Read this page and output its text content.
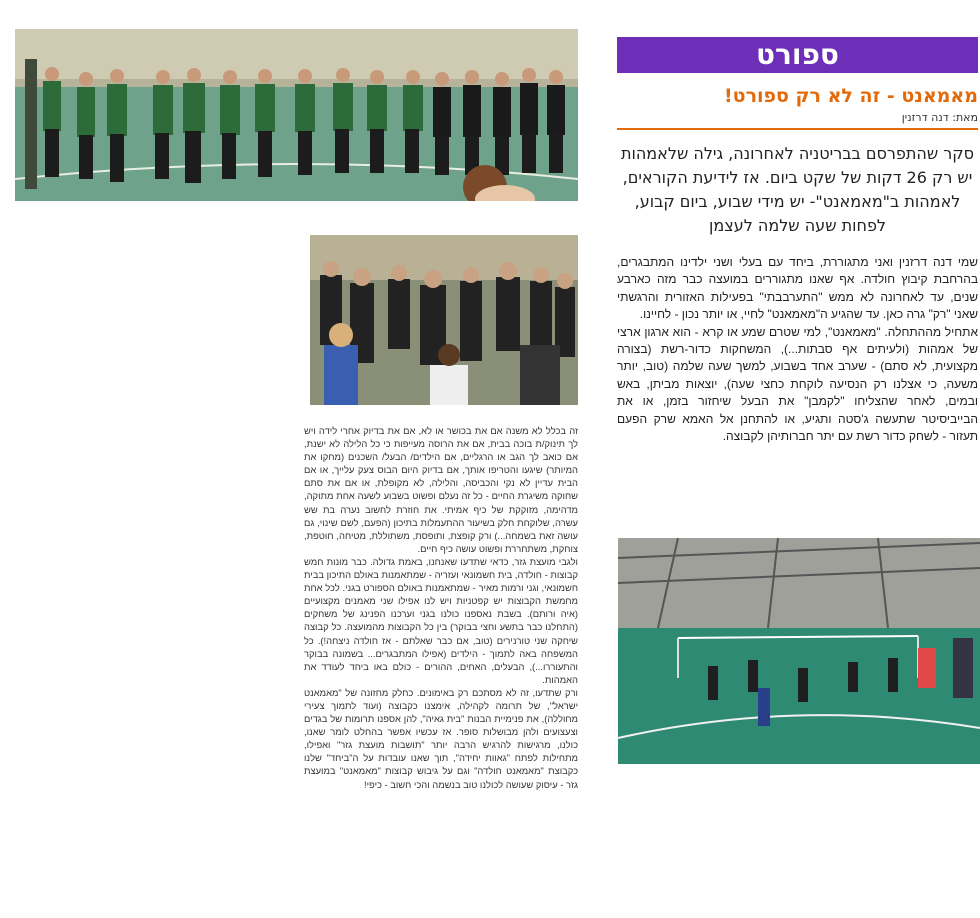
ספורט
מאמאנט - זה לא רק ספורט!
מאת: דנה דרזנין
סקר שהתפרסם בבריטניה לאחרונה, גילה שלאמהות יש רק 26 דקות של שקט ביום. אז לידיעת הקוראים, לאמהות ב"מאמאנט"- יש מידי שבוע, ביום קבוע, לפחות שעה שלמה לעצמן

שמי דנה דרזנין ואני מתגוררת, ביחד עם בעלי ושני ילדינו המתבגרים, בהרחבת קיבוץ חולדה. אף שאנו מתגוררים במועצה כבר מזה כארבע שנים, עד לאחרונה לא ממש "התערבבתי" בפעילות האזורית והרגשתי שאני "רק" גרה כאן. עד שהגיע ה"מאמאנט" לחיי, או יותר נכון - לחיינו.

אתחיל מההתחלה. "מאמאנט", למי שטרם שמע או קרא - הוא ארגון ארצי של אמהות (ולעיתים אף סבתות...), המשחקות כדור-רשת (בצורה מקצועית, לא סתם) - שערב אחד בשבוע, למשך שעה שלמה (טוב, יותר משעה, כי אצלנו רק הנסיעה לוקחת כחצי שעה), יוצאות מביתן, באש ובמים, לאחר שהצליחו "לקמבן" את הבעל שיחזור בזמן, או את הבייביסיטר שתעשה ג'סטה ותגיע, או להתחנן אל האמא שרק הפעם תעזור - לשחק כדור רשת עם יתר חברותיהן לקבוצה.

זה בכלל לא משנה אם את בכושר או לא, אם את בדיוק אחרי לידה ויש לך תינוק/ת בוכה בבית, אם את הרוסה מעייפות כי כל הלילה לא ישנת, אם כואב לך הגב או הרגליים, אם הילדים/ הבעל/ השכנים (מחקו את המיותר) שיגעו והטריפו אותך, אם בדיוק היום הבוס צעק עלייך, או אם הבית עדיין לא נקי והכביסה, והלילה, לא מקופלת, או אם את סתם שחוקה משיגרת החיים - כל זה נעלם ופשוט בשבוע לשעה אחת מתוקה, מדהימה, מזוקקת של כיף אמיתי. את חוזרת לחשוב נערה בת שש עשרה, שלוקחת חלק בשיעור ההתעמלות בתיכון (הפעם, לשם שינוי, גם עושה זאת בשמחה...) ורק קופצת, ותופסת, משתוללת, מטיחה, חוטפת, צוחקת, משתחררת ופשוט עושה כיף חיים.

ולגבי מועצת גזר, כדאי שתדעו שאנחנו, באמת גדולה. כבר מונות חמש קבוצות - חולדה, בית חשמונאי ועזריה - שמתאמנות באולם התיכון בבית חשמונאי, וגני ורמות מאיר - שמתאמנות באולם הספורט בגני. לכל אחת מחמשת הקבוצות יש קפטניות ויש לנו אפילו שני מאמנים מקצועיים (איה ורותם). בשבת נאספנו כולנו בגני וערכנו הפנינג של משחקים (התחלנו כבר בתשע וחצי בבוקר) בין כל הקבוצות מהמועצה. כל קבוצה שיחקה שני טורנירים (טוב, אם כבר שאלתם - אז חולדה ניצחה!). כל המשפחה באה לתמוך - הילדים (אפילו המתבגרים... בשמונה בבוקר והתעוררו...), הבעלים, האחים, ההורים - כולם באו ביחד לעודד את האמהות.

ורק שתדעו, זה לא מסתכם רק באימונים. כחלק מחזונה של "מאמאנט ישראל", של תרומה לקהילה, אימצנו כקבוצה (ועוד לתמוך צעירי מחוללה), את פנימיית הבנות "בית גאיה", להן אספנו תרומות של בגדים וצעצועים ולהן מבושלות סופר. אז עכשיו אפשר בהחלט לומר שאנו, כולנו, מרגישות להרגיש הרבה יותר "תושבות מועצת גזר" ואפילו, מתחילות לפתח "גאוות יחידה", תוך שאנו עובדות על ה"ביחד" שלנו כקבוצת "מאמאנט חולדה" וגם על גיבוש קבוצות "מאמאנט" במועצת גזר - עיסוק שעושה לכולנו טוב בנשמה והכי חשוב - כיפי!
